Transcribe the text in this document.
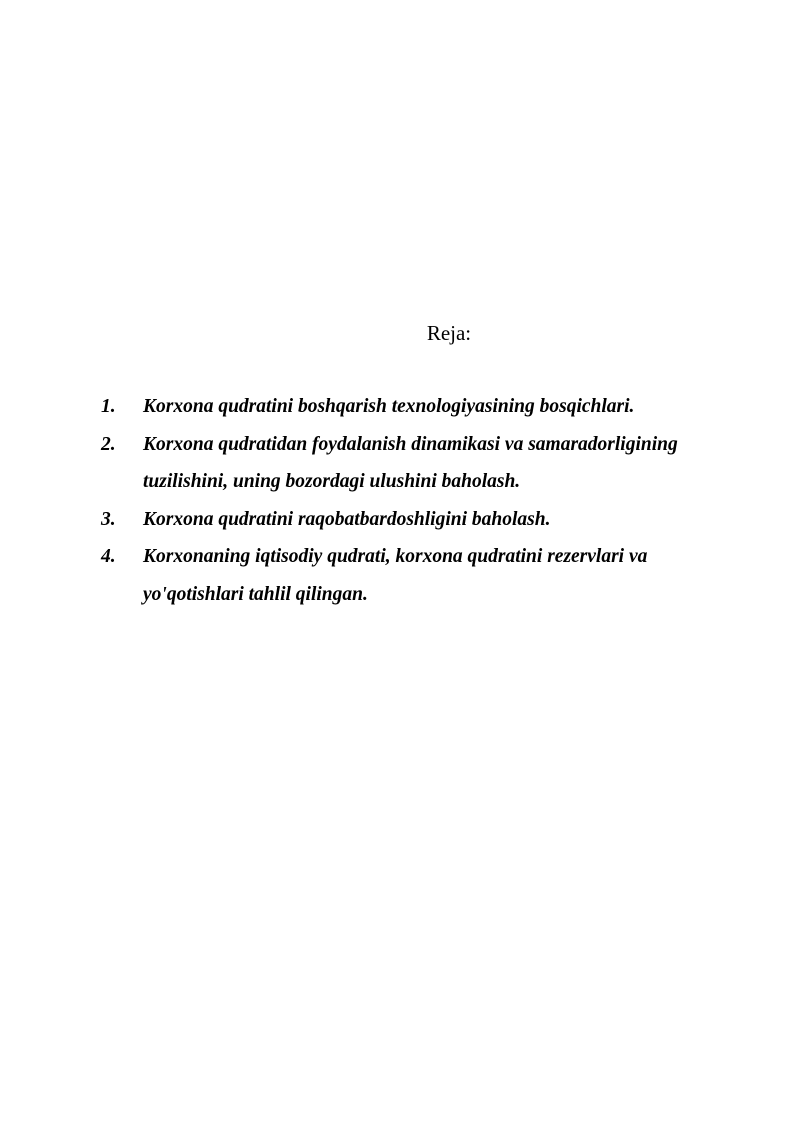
Reja:
1.	Korxona qudratini boshqarish texnologiyasining bosqichlari.
2.	Korxona qudratidan foydalanish dinamikasi va samaradorligining
tuzilishini, uning bozordagi ulushini baholash.
3.	Korxona qudratini raqobatbardoshligini baholash.
4.	Korxonaning iqtisodiy qudrati, korxona qudratini rezervlari va
yo'qotishlari tahlil qilingan.
